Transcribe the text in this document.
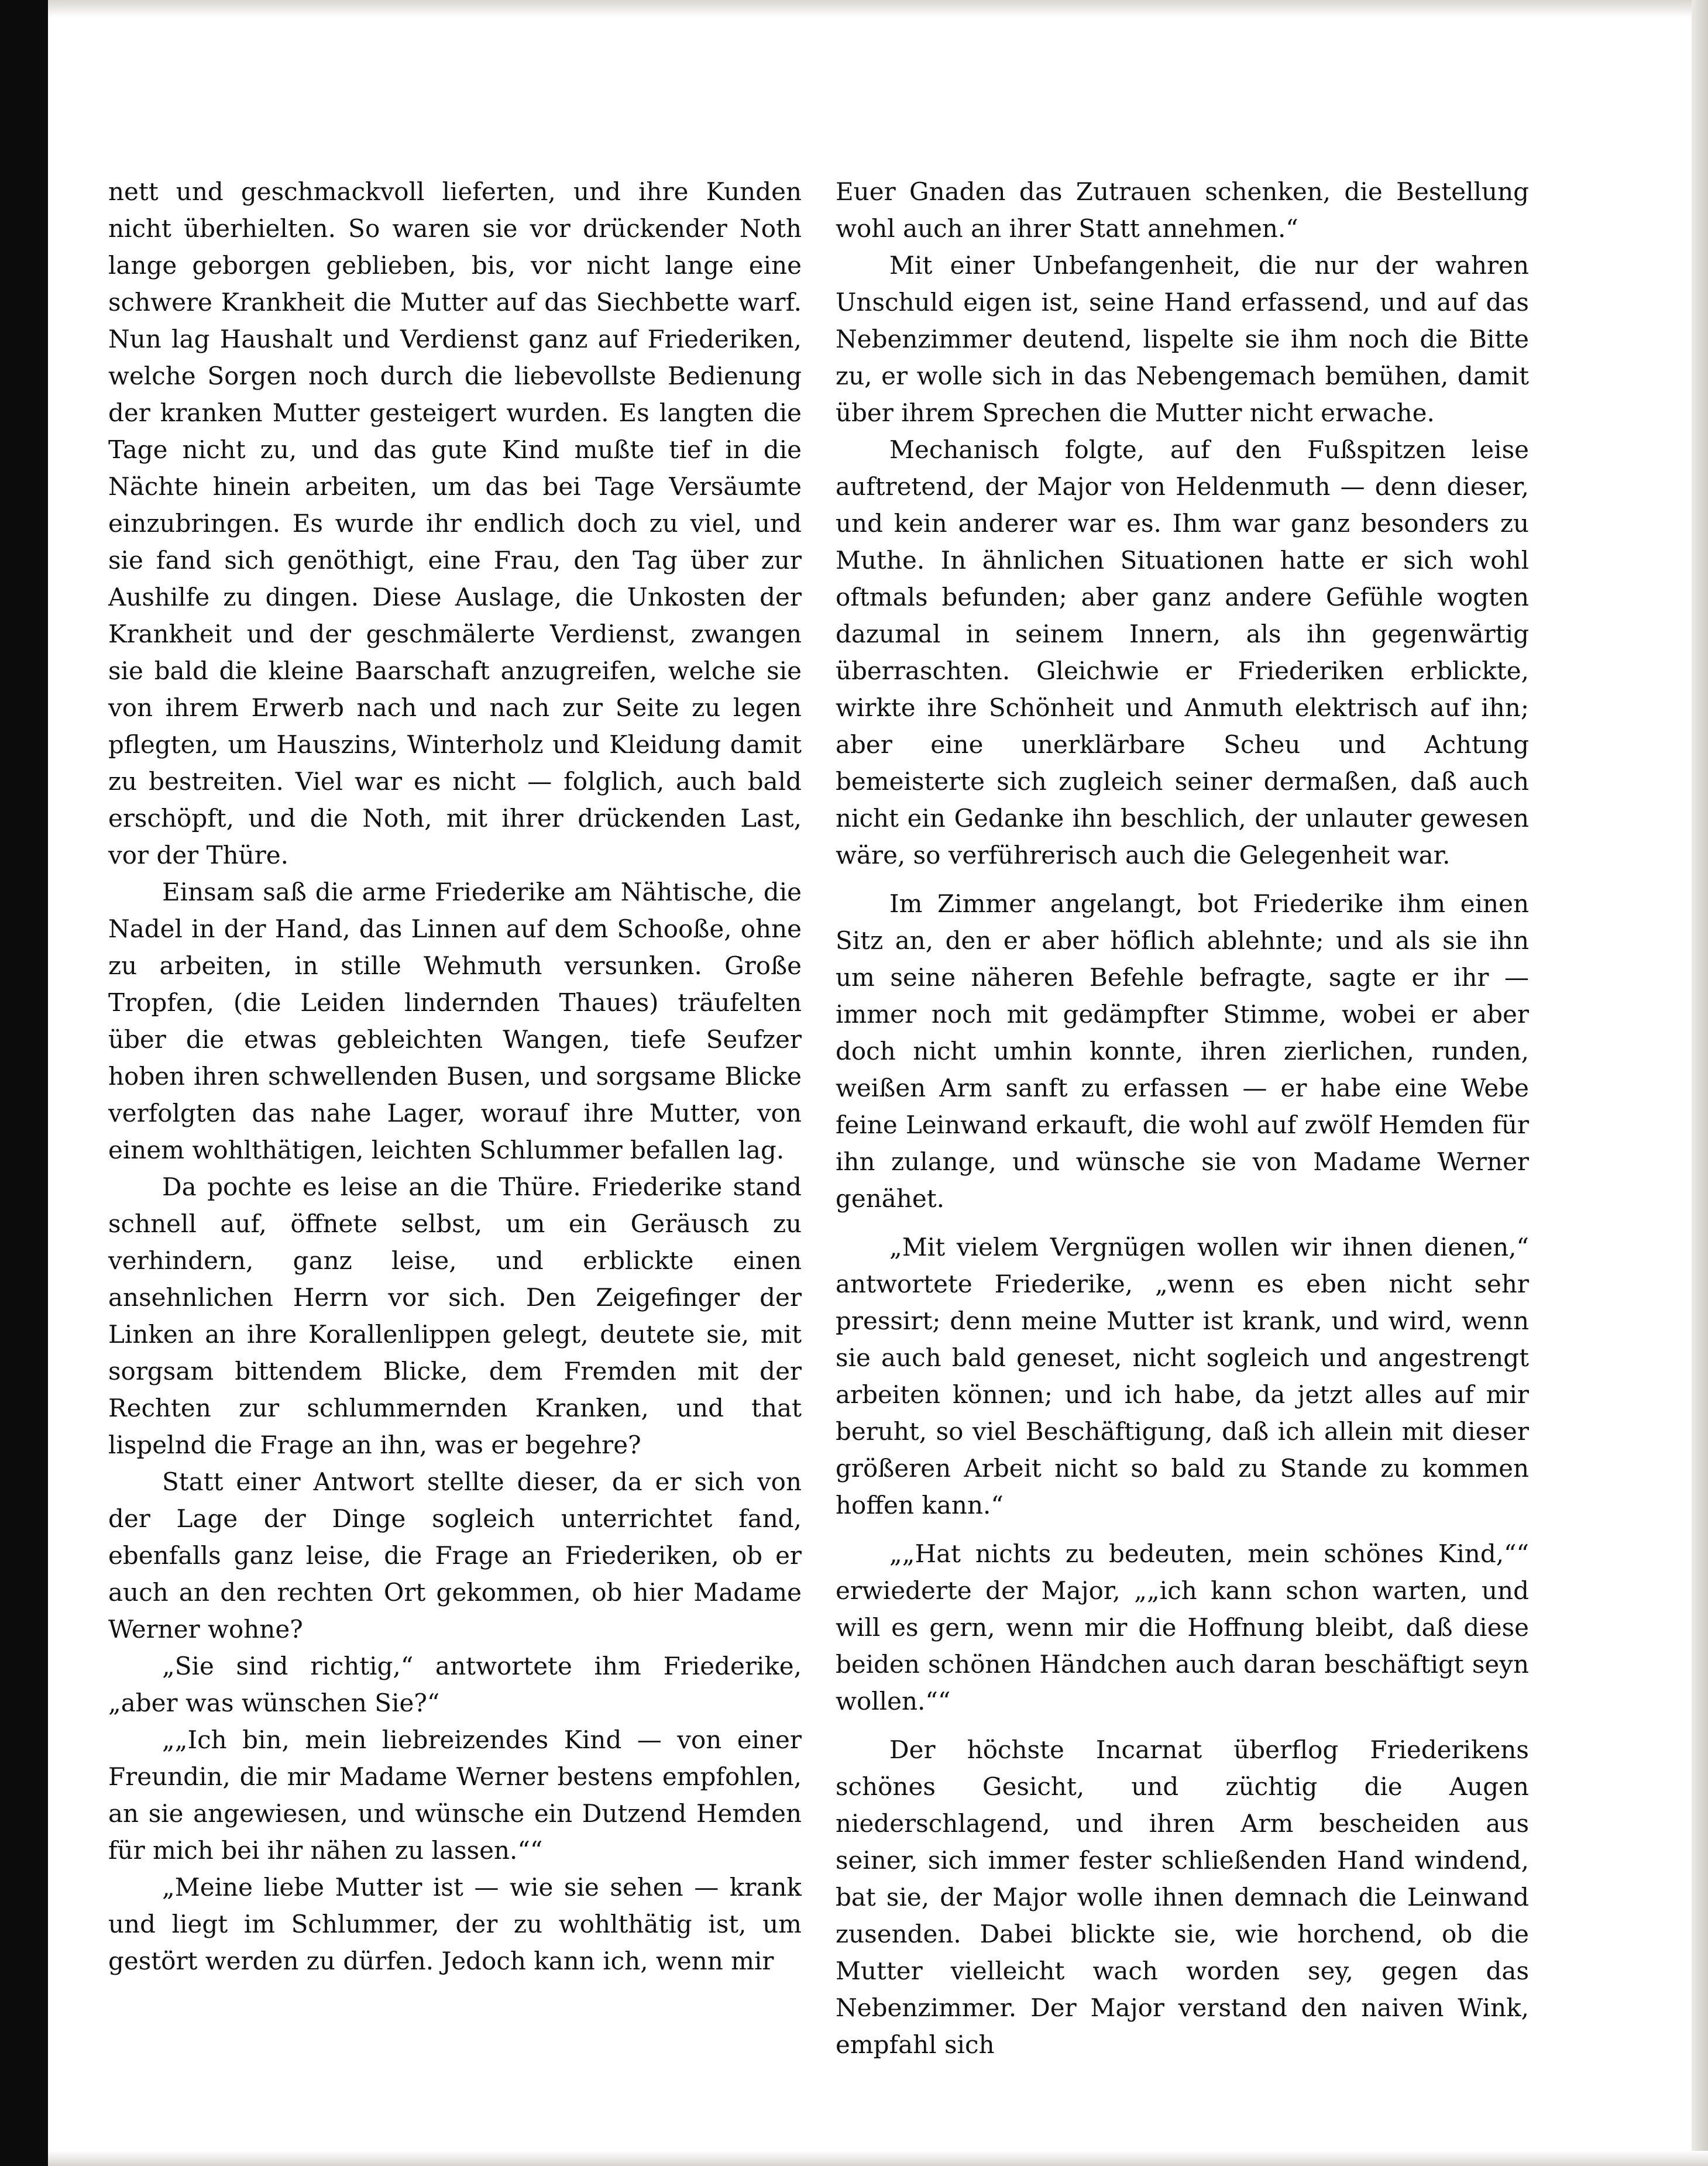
nett und geschmackvoll lieferten, und ihre Kunden nicht überhielten. So waren sie vor drückender Noth lange geborgen geblieben, bis, vor nicht lange eine schwere Krankheit die Mutter auf das Siechbette warf. Nun lag Haushalt und Verdienst ganz auf Friederiken, welche Sorgen noch durch die liebevollste Bedienung der kranken Mutter gesteigert wurden. Es langten die Tage nicht zu, und das gute Kind mußte tief in die Nächte hinein arbeiten, um das bei Tage Versäumte einzubringen. Es wurde ihr endlich doch zu viel, und sie fand sich genöthigt, eine Frau, den Tag über zur Aushilfe zu dingen. Diese Auslage, die Unkosten der Krankheit und der geschmälerte Verdienst, zwangen sie bald die kleine Baarschaft anzugreifen, welche sie von ihrem Erwerb nach und nach zur Seite zu legen pflegten, um Hauszins, Winterholz und Kleidung damit zu bestreiten. Viel war es nicht — folglich, auch bald erschöpft, und die Noth, mit ihrer drückenden Last, vor der Thüre.

Einsam saß die arme Friederike am Nähtische, die Nadel in der Hand, das Linnen auf dem Schooße, ohne zu arbeiten, in stille Wehmuth versunken. Große Tropfen, (die Leiden lindernden Thaues) träufelten über die etwas gebleichten Wangen, tiefe Seufzer hoben ihren schwellenden Busen, und sorgsame Blicke verfolgten das nahe Lager, worauf ihre Mutter, von einem wohlthätigen, leichten Schlummer befallen lag.

Da pochte es leise an die Thüre. Friederike stand schnell auf, öffnete selbst, um ein Geräusch zu verhindern, ganz leise, und erblickte einen ansehnlichen Herrn vor sich. Den Zeigefinger der Linken an ihre Korallenlippen gelegt, deutete sie, mit sorgsam bittendem Blicke, dem Fremden mit der Rechten zur schlummernden Kranken, und that lispelnd die Frage an ihn, was er begehre?

Statt einer Antwort stellte dieser, da er sich von der Lage der Dinge sogleich unterrichtet fand, ebenfalls ganz leise, die Frage an Friederiken, ob er auch an den rechten Ort gekommen, ob hier Madame Werner wohne?

„Sie sind richtig,“ antwortete ihm Friederike, „aber was wünschen Sie?“

„„Ich bin, mein liebreizendes Kind — von einer Freundin, die mir Madame Werner bestens empfohlen, an sie angewiesen, und wünsche ein Dutzend Hemden für mich bei ihr nähen zu lassen.““

„Meine liebe Mutter ist — wie sie sehen — krank und liegt im Schlummer, der zu wohlthätig ist, um gestört werden zu dürfen. Jedoch kann ich, wenn mir

Euer Gnaden das Zutrauen schenken, die Bestellung wohl auch an ihrer Statt annehmen.“

Mit einer Unbefangenheit, die nur der wahren Unschuld eigen ist, seine Hand erfassend, und auf das Nebenzimmer deutend, lispelte sie ihm noch die Bitte zu, er wolle sich in das Nebengemach bemühen, damit über ihrem Sprechen die Mutter nicht erwache.

Mechanisch folgte, auf den Fußspitzen leise auftretend, der Major von Heldenmuth — denn dieser, und kein anderer war es. Ihm war ganz besonders zu Muthe. In ähnlichen Situationen hatte er sich wohl oftmals befunden; aber ganz andere Gefühle wogten dazumal in seinem Innern, als ihn gegenwärtig überraschten. Gleichwie er Friederiken erblickte, wirkte ihre Schönheit und Anmuth elektrisch auf ihn; aber eine unerklärbare Scheu und Achtung bemeisterte sich zugleich seiner dermaßen, daß auch nicht ein Gedanke ihn beschlich, der unlauter gewesen wäre, so verführerisch auch die Gelegenheit war.

Im Zimmer angelangt, bot Friederike ihm einen Sitz an, den er aber höflich ablehnte; und als sie ihn um seine näheren Befehle befragte, sagte er ihr — immer noch mit gedämpfter Stimme, wobei er aber doch nicht umhin konnte, ihren zierlichen, runden, weißen Arm sanft zu erfassen — er habe eine Webe feine Leinwand erkauft, die wohl auf zwölf Hemden für ihn zulange, und wünsche sie von Madame Werner genähet.

„Mit vielem Vergnügen wollen wir ihnen dienen,“ antwortete Friederike, „wenn es eben nicht sehr pressirt; denn meine Mutter ist krank, und wird, wenn sie auch bald geneset, nicht sogleich und angestrengt arbeiten können; und ich habe, da jetzt alles auf mir beruht, so viel Beschäftigung, daß ich allein mit dieser größeren Arbeit nicht so bald zu Stande zu kommen hoffen kann.“

„„Hat nichts zu bedeuten, mein schönes Kind,““ erwiederte der Major, „„ich kann schon warten, und will es gern, wenn mir die Hoffnung bleibt, daß diese beiden schönen Händchen auch daran beschäftigt seyn wollen.““

Der höchste Incarnat überflog Friederikens schönes Gesicht, und züchtig die Augen niederschlagend, und ihren Arm bescheiden aus seiner, sich immer fester schließenden Hand windend, bat sie, der Major wolle ihnen demnach die Leinwand zusenden. Dabei blickte sie, wie horchend, ob die Mutter vielleicht wach worden sey, gegen das Nebenzimmer. Der Major verstand den naiven Wink, empfahl sich
